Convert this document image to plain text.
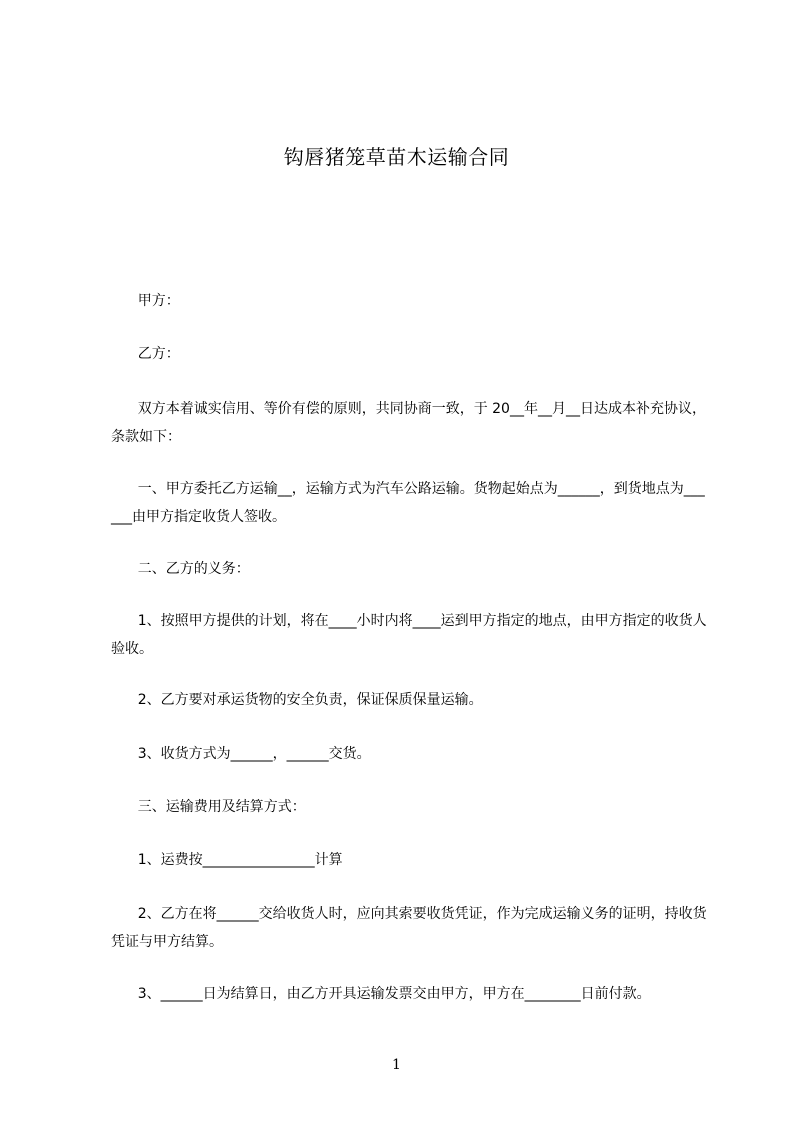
钩唇猪笼草苗木运输合同
甲方：
乙方：
双方本着诚实信用、等价有偿的原则，共同协商一致，于 20__年__月__日达成本补充协议，条款如下：
一、甲方委托乙方运输__，运输方式为汽车公路运输。货物起始点为______，到货地点为______由甲方指定收货人签收。
二、乙方的义务：
1、按照甲方提供的计划，将在____小时内将____运到甲方指定的地点，由甲方指定的收货人验收。
2、乙方要对承运货物的安全负责，保证保质保量运输。
3、收货方式为______，______交货。
三、运输费用及结算方式：
1、运费按________________计算
2、乙方在将______交给收货人时，应向其索要收货凭证，作为完成运输义务的证明，持收货凭证与甲方结算。
3、______日为结算日，由乙方开具运输发票交由甲方，甲方在________日前付款。
1
